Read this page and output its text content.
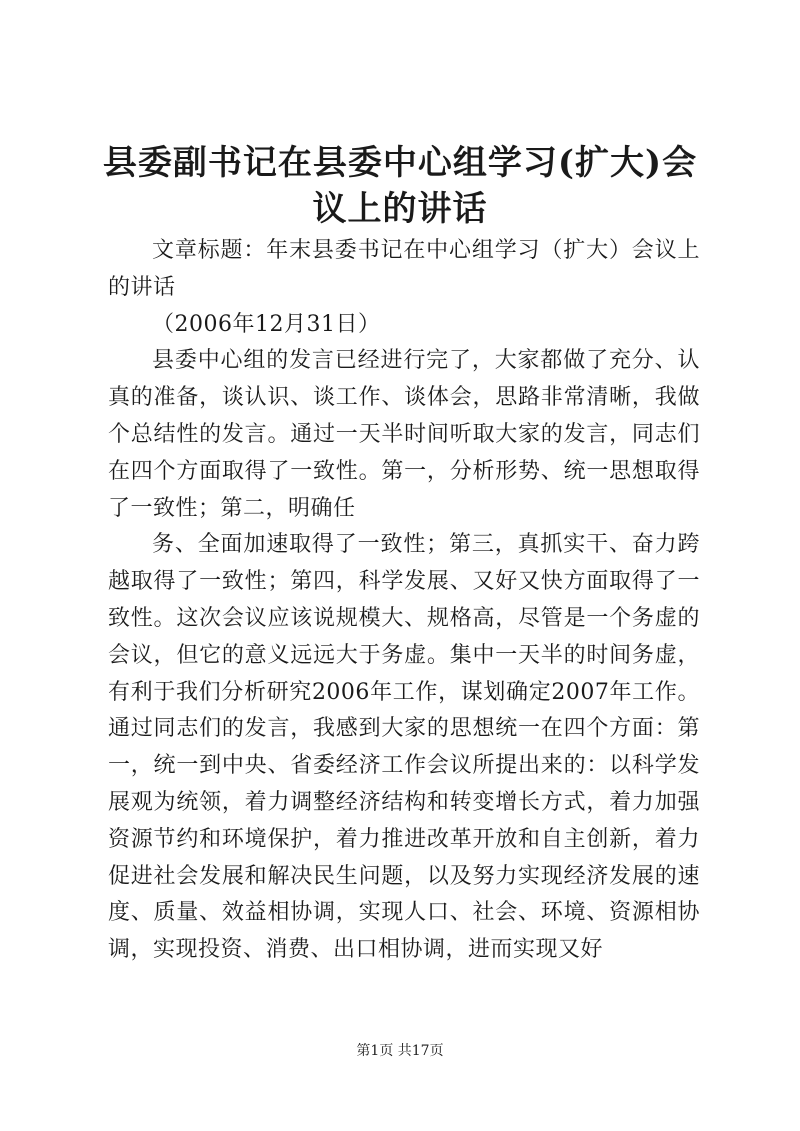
县委副书记在县委中心组学习(扩大)会议上的讲话

文章标题：年末县委书记在中心组学习（扩大）会议上的讲话

（2006年12月31日）

县委中心组的发言已经进行完了，大家都做了充分、认真的准备，谈认识、谈工作、谈体会，思路非常清晰，我做个总结性的发言。通过一天半时间听取大家的发言，同志们在四个方面取得了一致性。第一，分析形势、统一思想取得了一致性；第二，明确任

务、全面加速取得了一致性；第三，真抓实干、奋力跨越取得了一致性；第四，科学发展、又好又快方面取得了一致性。这次会议应该说规模大、规格高，尽管是一个务虚的会议，但它的意义远远大于务虚。集中一天半的时间务虚，有利于我们分析研究2006年工作，谋划确定2007年工作。通过同志们的发言，我感到大家的思想统一在四个方面：第一，统一到中央、省委经济工作会议所提出来的：以科学发展观为统领，着力调整经济结构和转变增长方式，着力加强资源节约和环境保护，着力推进改革开放和自主创新，着力促进社会发展和解决民生问题，以及努力实现经济发展的速度、质量、效益相协调，实现人口、社会、环境、资源相协调，实现投资、消费、出口相协调，进而实现又好

第1页 共17页
